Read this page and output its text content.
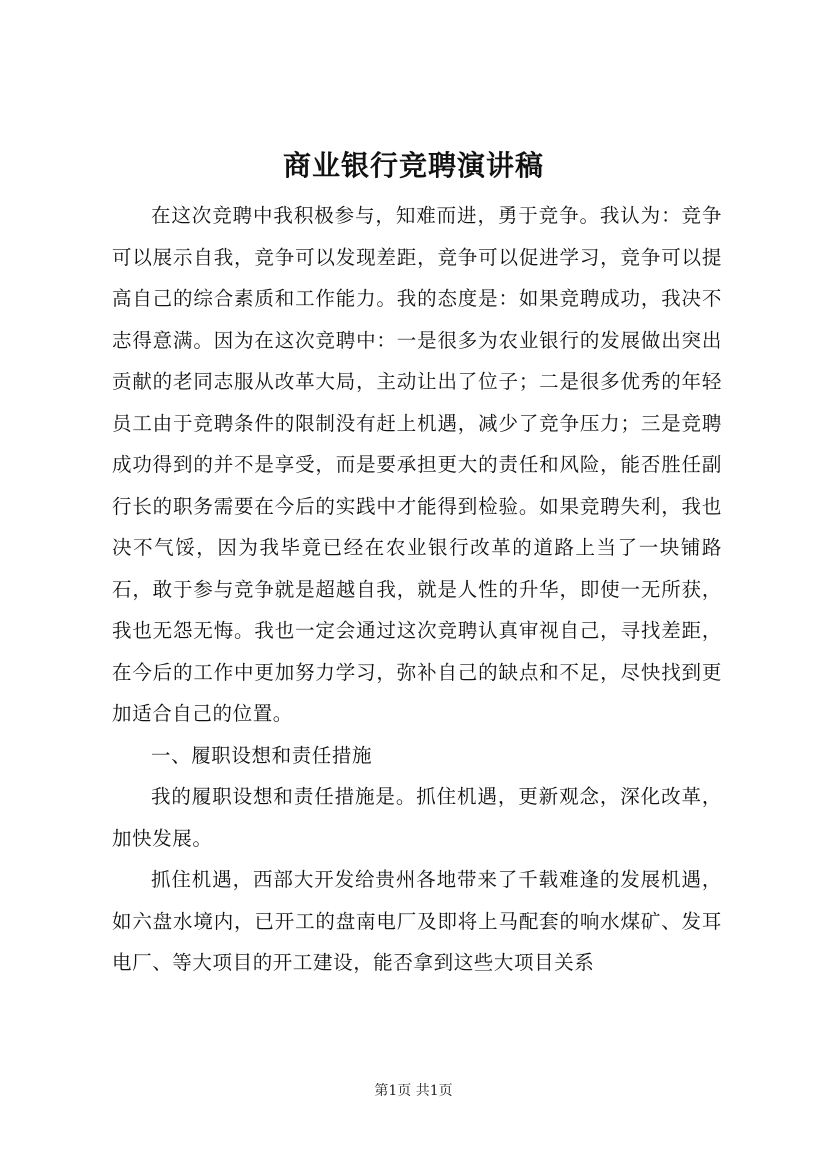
商业银行竞聘演讲稿

在这次竞聘中我积极参与，知难而进，勇于竞争。我认为：竞争可以展示自我，竞争可以发现差距，竞争可以促进学习，竞争可以提高自己的综合素质和工作能力。我的态度是：如果竞聘成功，我决不志得意满。因为在这次竞聘中：一是很多为农业银行的发展做出突出贡献的老同志服从改革大局，主动让出了位子；二是很多优秀的年轻员工由于竞聘条件的限制没有赶上机遇，减少了竞争压力；三是竞聘成功得到的并不是享受，而是要承担更大的责任和风险，能否胜任副行长的职务需要在今后的实践中才能得到检验。如果竞聘失利，我也决不气馁，因为我毕竟已经在农业银行改革的道路上当了一块铺路石，敢于参与竞争就是超越自我，就是人性的升华，即使一无所获，我也无怨无悔。我也一定会通过这次竞聘认真审视自己，寻找差距，在今后的工作中更加努力学习，弥补自己的缺点和不足，尽快找到更加适合自己的位置。

一、履职设想和责任措施

我的履职设想和责任措施是。抓住机遇，更新观念，深化改革，加快发展。

抓住机遇，西部大开发给贵州各地带来了千载难逢的发展机遇，如六盘水境内，已开工的盘南电厂及即将上马配套的响水煤矿、发耳电厂、等大项目的开工建设，能否拿到这些大项目关系

第1页 共1页
